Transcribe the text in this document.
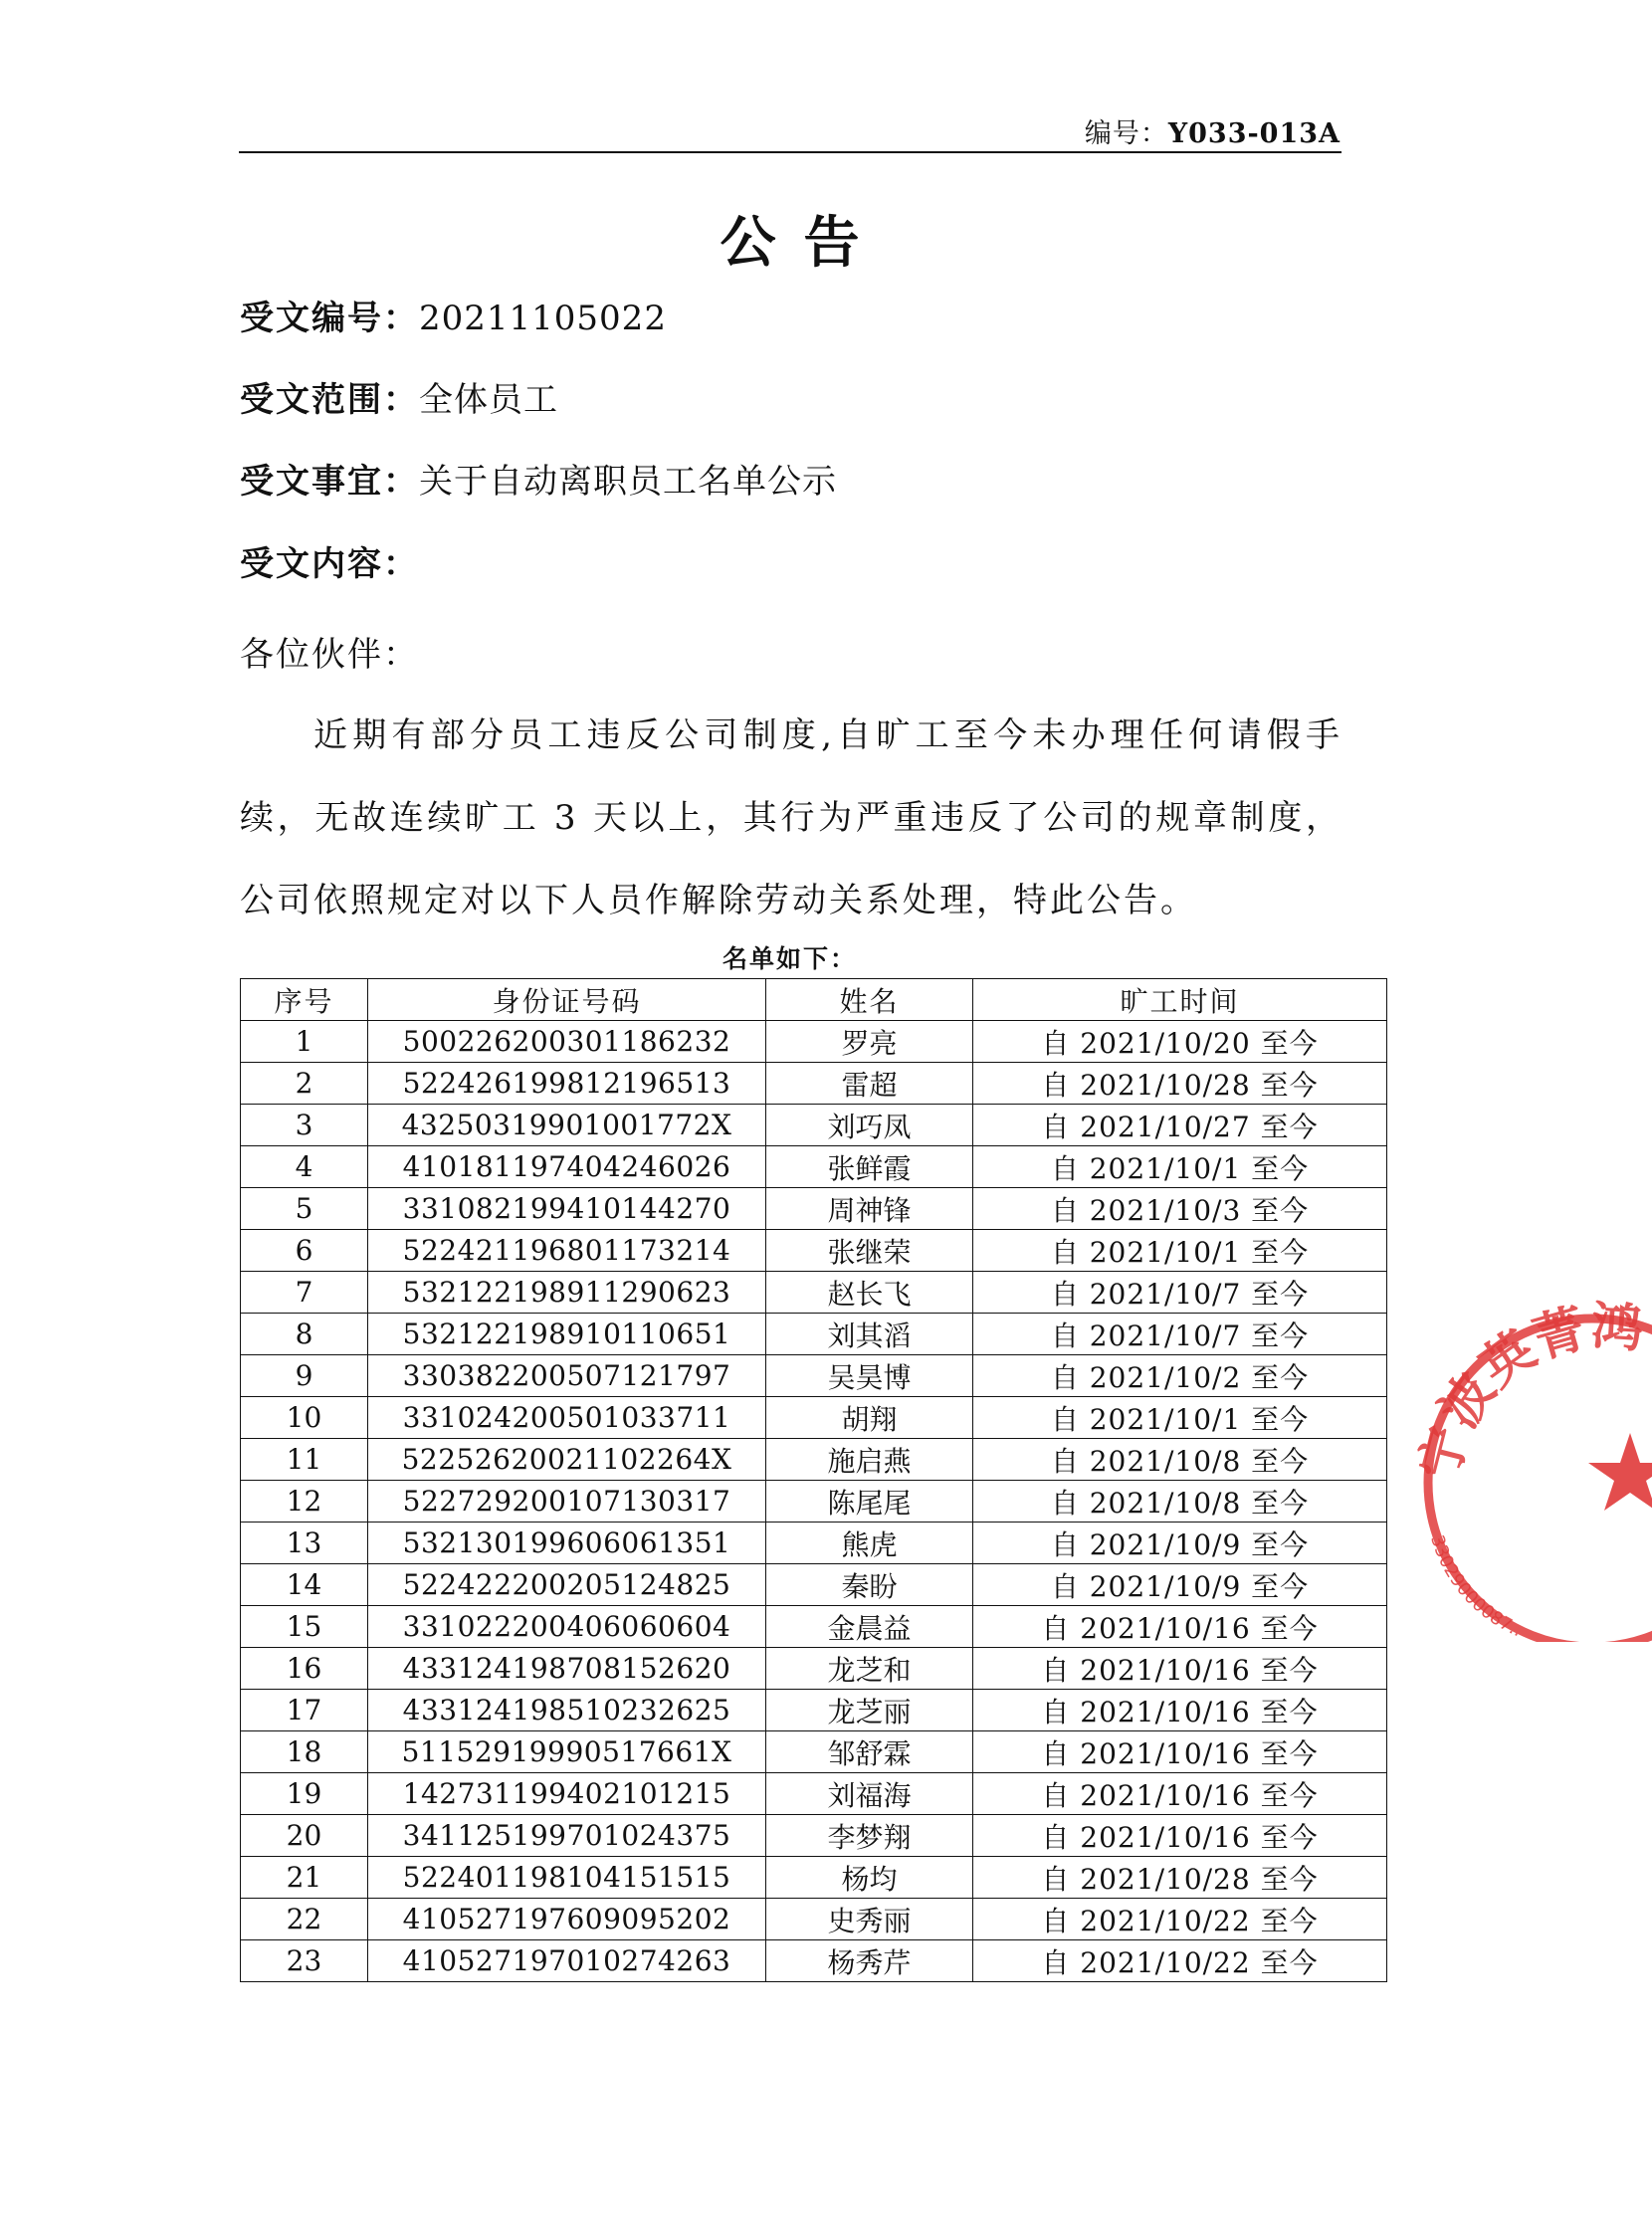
编号：Y033-013A
公告
受文编号：20211105022
受文范围：全体员工
受文事宜：关于自动离职员工名单公示
受文内容：
各位伙伴：

近期有部分员工违反公司制度,自旷工至今未办理任何请假手续，无故连续旷工 3 天以上，其行为严重违反了公司的规章制度，公司依照规定对以下人员作解除劳动关系处理，特此公告。

名单如下：
序号	身份证号码	姓名	旷工时间
1	500226200301186232	罗亮	自 2021/10/20 至今
2	522426199812196513	雷超	自 2021/10/28 至今
3	43250319901001772X	刘巧凤	自 2021/10/27 至今
4	410181197404246026	张鲜霞	自 2021/10/1 至今
5	331082199410144270	周神锋	自 2021/10/3 至今
6	522421196801173214	张继荣	自 2021/10/1 至今
7	532122198911290623	赵长飞	自 2021/10/7 至今
8	532122198910110651	刘其滔	自 2021/10/7 至今
9	330382200507121797	吴昊博	自 2021/10/2 至今
10	331024200501033711	胡翔	自 2021/10/1 至今
11	52252620021102264X	施启燕	自 2021/10/8 至今
12	522729200107130317	陈尾尾	自 2021/10/8 至今
13	532130199606061351	熊虎	自 2021/10/9 至今
14	522422200205124825	秦盼	自 2021/10/9 至今
15	331022200406060604	金晨益	自 2021/10/16 至今
16	433124198708152620	龙芝和	自 2021/10/16 至今
17	433124198510232625	龙芝丽	自 2021/10/16 至今
18	51152919990517661X	邹舒霖	自 2021/10/16 至今
19	142731199402101215	刘福海	自 2021/10/16 至今
20	341125199701024375	李梦翔	自 2021/10/16 至今
21	522401198104151515	杨均	自 2021/10/28 至今
22	410527197609095202	史秀丽	自 2021/10/22 至今
23	410527197010274263	杨秀芹	自 2021/10/22 至今
宁波英菁鸿
33029000087..
